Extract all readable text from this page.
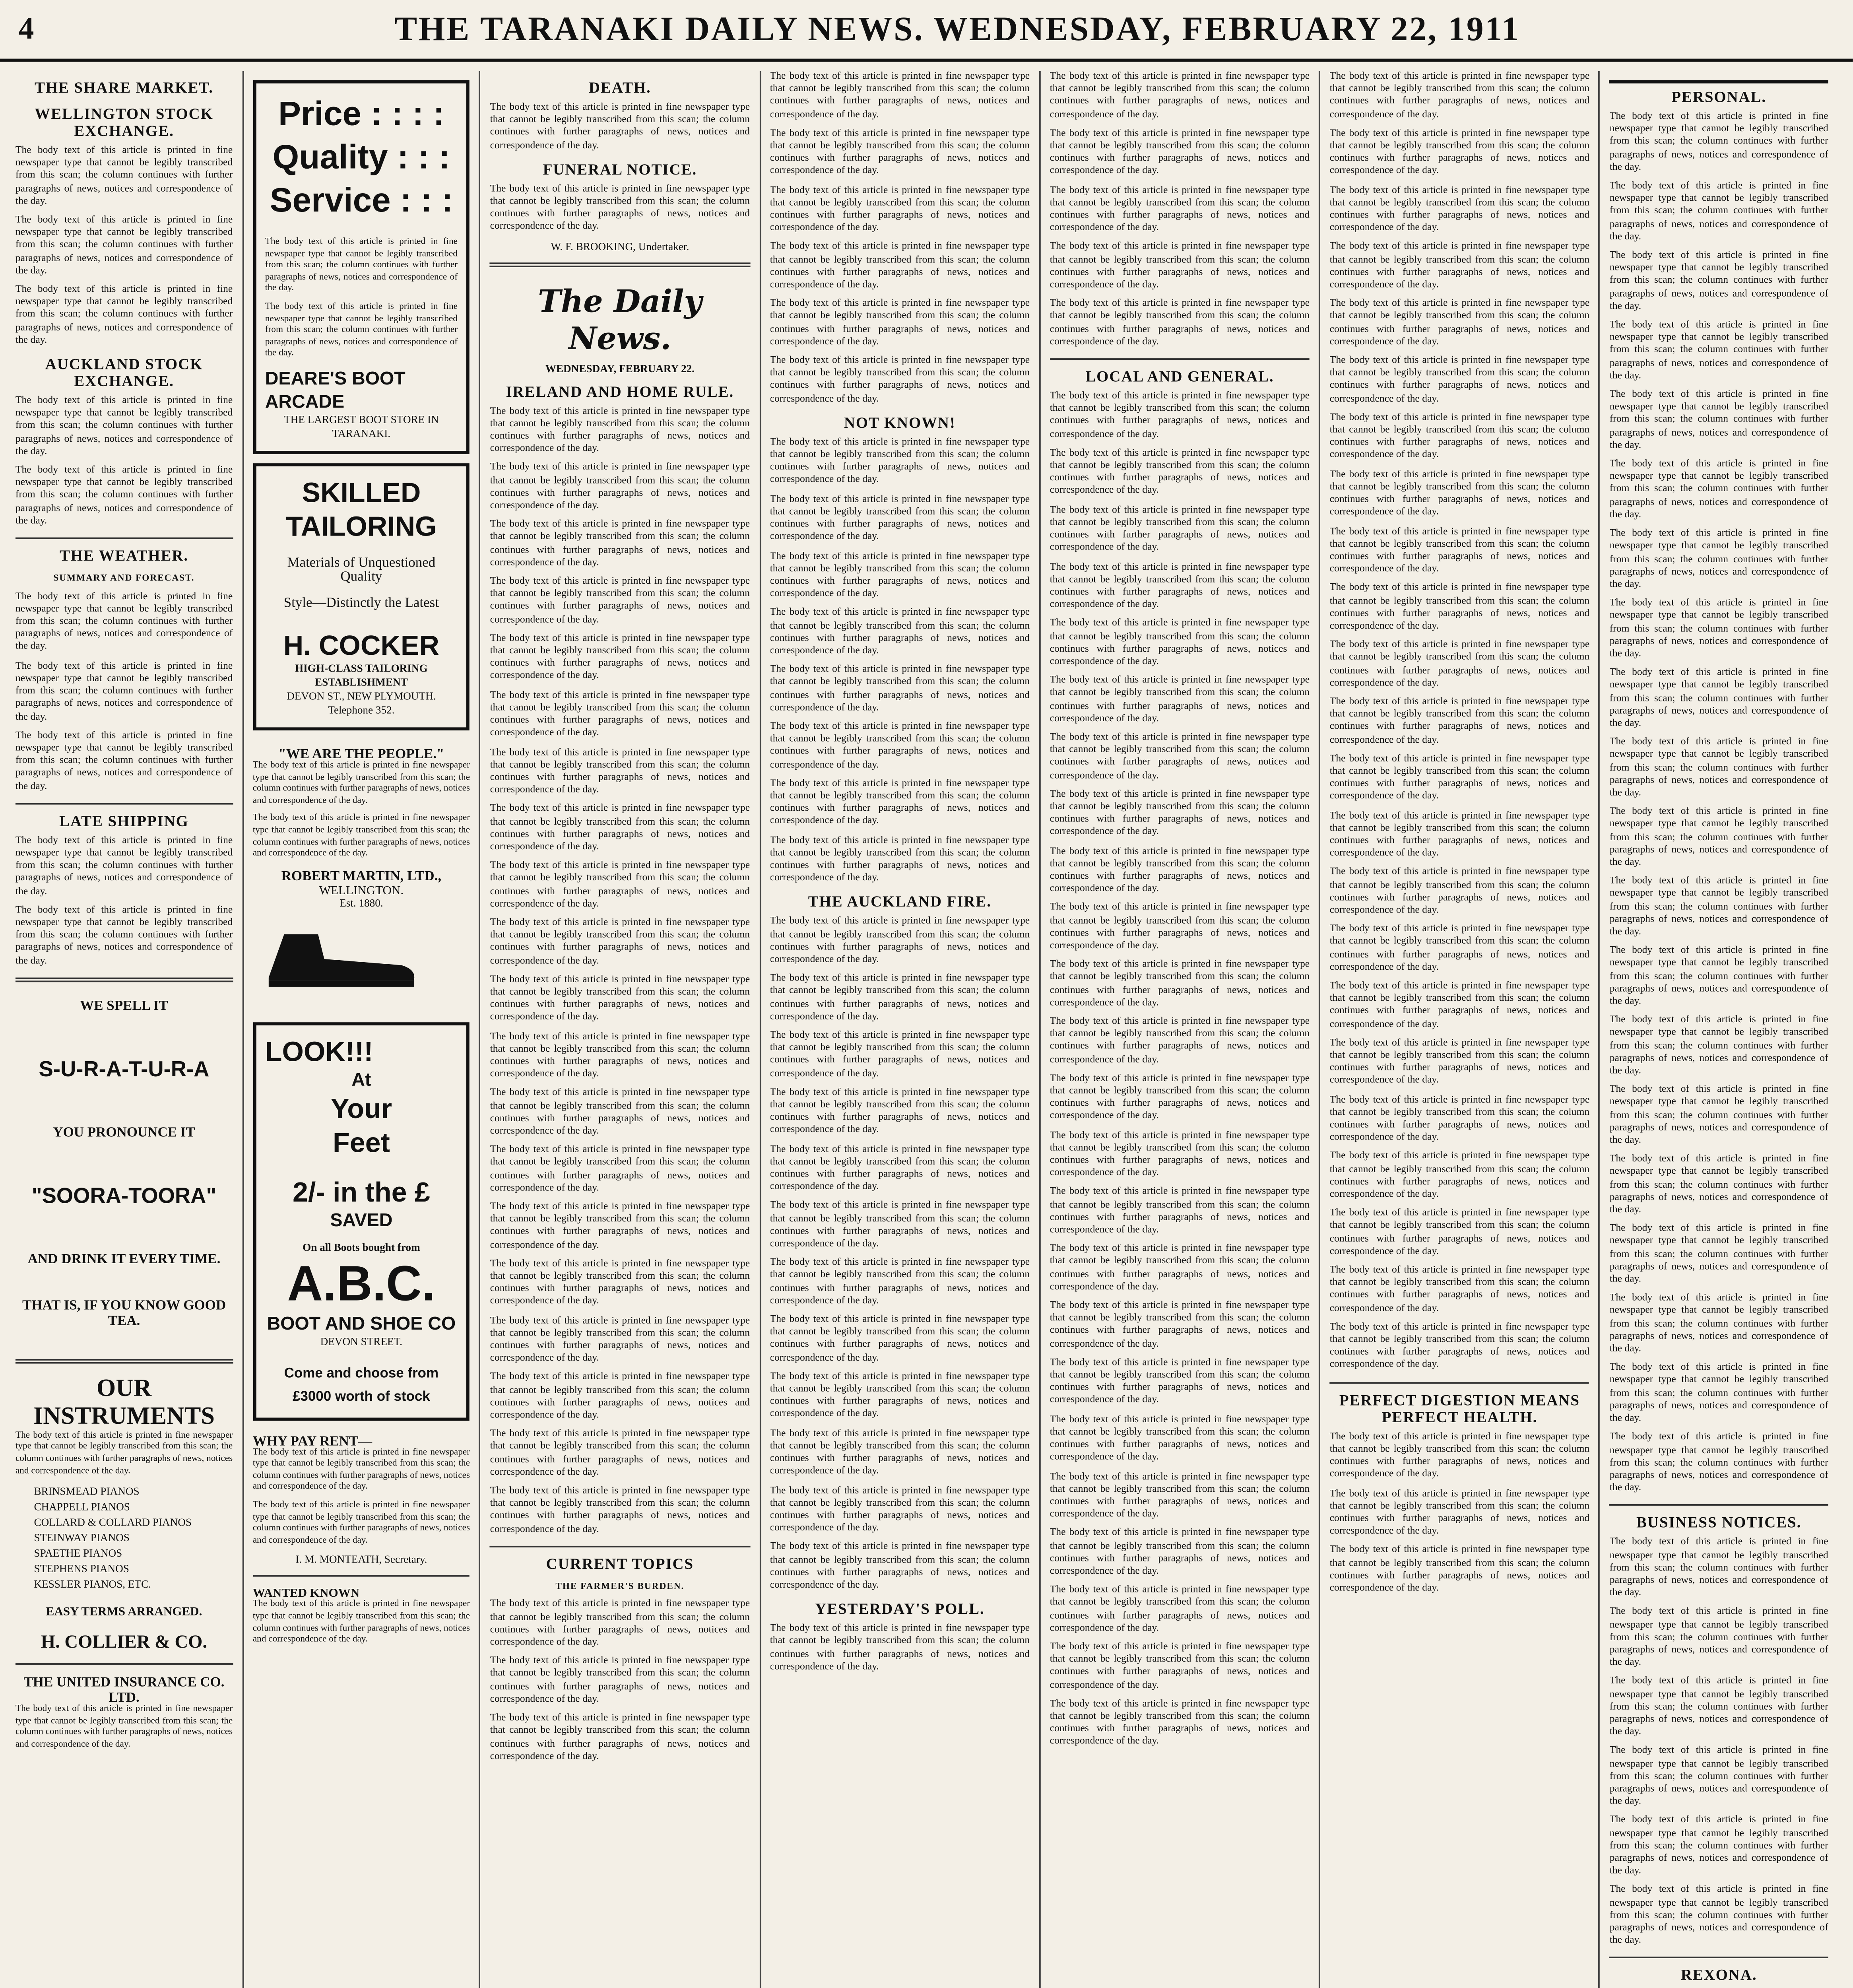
4	THE TARANAKI DAILY NEWS. WEDNESDAY, FEBRUARY 22, 1911
THE SHARE MARKET.
WELLINGTON STOCK EXCHANGE.

The body text of this article is printed in fine newspaper type that cannot be legibly transcribed from this scan; the column continues with further paragraphs of news, notices and correspondence of the day.

The body text of this article is printed in fine newspaper type that cannot be legibly transcribed from this scan; the column continues with further paragraphs of news, notices and correspondence of the day.

The body text of this article is printed in fine newspaper type that cannot be legibly transcribed from this scan; the column continues with further paragraphs of news, notices and correspondence of the day.

AUCKLAND STOCK EXCHANGE.

The body text of this article is printed in fine newspaper type that cannot be legibly transcribed from this scan; the column continues with further paragraphs of news, notices and correspondence of the day.

The body text of this article is printed in fine newspaper type that cannot be legibly transcribed from this scan; the column continues with further paragraphs of news, notices and correspondence of the day.

THE WEATHER.
SUMMARY AND FORECAST.

The body text of this article is printed in fine newspaper type that cannot be legibly transcribed from this scan; the column continues with further paragraphs of news, notices and correspondence of the day.

The body text of this article is printed in fine newspaper type that cannot be legibly transcribed from this scan; the column continues with further paragraphs of news, notices and correspondence of the day.

The body text of this article is printed in fine newspaper type that cannot be legibly transcribed from this scan; the column continues with further paragraphs of news, notices and correspondence of the day.

LATE SHIPPING

The body text of this article is printed in fine newspaper type that cannot be legibly transcribed from this scan; the column continues with further paragraphs of news, notices and correspondence of the day.

The body text of this article is printed in fine newspaper type that cannot be legibly transcribed from this scan; the column continues with further paragraphs of news, notices and correspondence of the day.

WE SPELL IT
S-U-R-A-T-U-R-A
YOU PRONOUNCE IT
"SOORA-TOORA"
AND DRINK IT EVERY TIME.
THAT IS, IF YOU KNOW GOOD TEA.
OUR INSTRUMENTS

The body text of this article is printed in fine newspaper type that cannot be legibly transcribed from this scan; the column continues with further paragraphs of news, notices and correspondence of the day.

BRINSMEAD PIANOS
CHAPPELL PIANOS
COLLARD & COLLARD PIANOS
STEINWAY PIANOS
SPAETHE PIANOS
STEPHENS PIANOS
KESSLER PIANOS, ETC.
EASY TERMS ARRANGED.
H. COLLIER & CO.
THE UNITED INSURANCE CO. LTD.

The body text of this article is printed in fine newspaper type that cannot be legibly transcribed from this scan; the column continues with further paragraphs of news, notices and correspondence of the day.

Price : : : :
Quality : : :
Service : : :

The body text of this article is printed in fine newspaper type that cannot be legibly transcribed from this scan; the column continues with further paragraphs of news, notices and correspondence of the day.

The body text of this article is printed in fine newspaper type that cannot be legibly transcribed from this scan; the column continues with further paragraphs of news, notices and correspondence of the day.

DEARE'S BOOT ARCADE
THE LARGEST BOOT STORE IN TARANAKI.
SKILLED TAILORING
Materials of Unquestioned Quality
Style—Distinctly the Latest
H. COCKER
HIGH-CLASS TAILORING ESTABLISHMENT
DEVON ST., NEW PLYMOUTH.
Telephone 352.
"WE ARE THE PEOPLE."

The body text of this article is printed in fine newspaper type that cannot be legibly transcribed from this scan; the column continues with further paragraphs of news, notices and correspondence of the day.

The body text of this article is printed in fine newspaper type that cannot be legibly transcribed from this scan; the column continues with further paragraphs of news, notices and correspondence of the day.

ROBERT MARTIN, LTD.,
WELLINGTON.
Est. 1880.
LOOK!!!
At
Your
Feet
2/- in the £
SAVED
On all Boots bought from
A.B.C.
BOOT AND SHOE CO
DEVON STREET.
Come and choose from £3000 worth of stock
WHY PAY RENT—

The body text of this article is printed in fine newspaper type that cannot be legibly transcribed from this scan; the column continues with further paragraphs of news, notices and correspondence of the day.

The body text of this article is printed in fine newspaper type that cannot be legibly transcribed from this scan; the column continues with further paragraphs of news, notices and correspondence of the day.

I. M. MONTEATH, Secretary.
WANTED KNOWN

The body text of this article is printed in fine newspaper type that cannot be legibly transcribed from this scan; the column continues with further paragraphs of news, notices and correspondence of the day.

DEATH.

The body text of this article is printed in fine newspaper type that cannot be legibly transcribed from this scan; the column continues with further paragraphs of news, notices and correspondence of the day.

FUNERAL NOTICE.

The body text of this article is printed in fine newspaper type that cannot be legibly transcribed from this scan; the column continues with further paragraphs of news, notices and correspondence of the day.

W. F. BROOKING, Undertaker.
The Daily News.
WEDNESDAY, FEBRUARY 22.
IRELAND AND HOME RULE.

The body text of this article is printed in fine newspaper type that cannot be legibly transcribed from this scan; the column continues with further paragraphs of news, notices and correspondence of the day.

The body text of this article is printed in fine newspaper type that cannot be legibly transcribed from this scan; the column continues with further paragraphs of news, notices and correspondence of the day.

The body text of this article is printed in fine newspaper type that cannot be legibly transcribed from this scan; the column continues with further paragraphs of news, notices and correspondence of the day.

The body text of this article is printed in fine newspaper type that cannot be legibly transcribed from this scan; the column continues with further paragraphs of news, notices and correspondence of the day.

The body text of this article is printed in fine newspaper type that cannot be legibly transcribed from this scan; the column continues with further paragraphs of news, notices and correspondence of the day.

The body text of this article is printed in fine newspaper type that cannot be legibly transcribed from this scan; the column continues with further paragraphs of news, notices and correspondence of the day.

The body text of this article is printed in fine newspaper type that cannot be legibly transcribed from this scan; the column continues with further paragraphs of news, notices and correspondence of the day.

The body text of this article is printed in fine newspaper type that cannot be legibly transcribed from this scan; the column continues with further paragraphs of news, notices and correspondence of the day.

The body text of this article is printed in fine newspaper type that cannot be legibly transcribed from this scan; the column continues with further paragraphs of news, notices and correspondence of the day.

The body text of this article is printed in fine newspaper type that cannot be legibly transcribed from this scan; the column continues with further paragraphs of news, notices and correspondence of the day.

The body text of this article is printed in fine newspaper type that cannot be legibly transcribed from this scan; the column continues with further paragraphs of news, notices and correspondence of the day.

The body text of this article is printed in fine newspaper type that cannot be legibly transcribed from this scan; the column continues with further paragraphs of news, notices and correspondence of the day.

The body text of this article is printed in fine newspaper type that cannot be legibly transcribed from this scan; the column continues with further paragraphs of news, notices and correspondence of the day.

The body text of this article is printed in fine newspaper type that cannot be legibly transcribed from this scan; the column continues with further paragraphs of news, notices and correspondence of the day.

The body text of this article is printed in fine newspaper type that cannot be legibly transcribed from this scan; the column continues with further paragraphs of news, notices and correspondence of the day.

The body text of this article is printed in fine newspaper type that cannot be legibly transcribed from this scan; the column continues with further paragraphs of news, notices and correspondence of the day.

The body text of this article is printed in fine newspaper type that cannot be legibly transcribed from this scan; the column continues with further paragraphs of news, notices and correspondence of the day.

The body text of this article is printed in fine newspaper type that cannot be legibly transcribed from this scan; the column continues with further paragraphs of news, notices and correspondence of the day.

The body text of this article is printed in fine newspaper type that cannot be legibly transcribed from this scan; the column continues with further paragraphs of news, notices and correspondence of the day.

The body text of this article is printed in fine newspaper type that cannot be legibly transcribed from this scan; the column continues with further paragraphs of news, notices and correspondence of the day.

CURRENT TOPICS
THE FARMER'S BURDEN.

The body text of this article is printed in fine newspaper type that cannot be legibly transcribed from this scan; the column continues with further paragraphs of news, notices and correspondence of the day.

The body text of this article is printed in fine newspaper type that cannot be legibly transcribed from this scan; the column continues with further paragraphs of news, notices and correspondence of the day.

The body text of this article is printed in fine newspaper type that cannot be legibly transcribed from this scan; the column continues with further paragraphs of news, notices and correspondence of the day.

The body text of this article is printed in fine newspaper type that cannot be legibly transcribed from this scan; the column continues with further paragraphs of news, notices and correspondence of the day.

The body text of this article is printed in fine newspaper type that cannot be legibly transcribed from this scan; the column continues with further paragraphs of news, notices and correspondence of the day.

The body text of this article is printed in fine newspaper type that cannot be legibly transcribed from this scan; the column continues with further paragraphs of news, notices and correspondence of the day.

The body text of this article is printed in fine newspaper type that cannot be legibly transcribed from this scan; the column continues with further paragraphs of news, notices and correspondence of the day.

The body text of this article is printed in fine newspaper type that cannot be legibly transcribed from this scan; the column continues with further paragraphs of news, notices and correspondence of the day.

The body text of this article is printed in fine newspaper type that cannot be legibly transcribed from this scan; the column continues with further paragraphs of news, notices and correspondence of the day.

NOT KNOWN!

The body text of this article is printed in fine newspaper type that cannot be legibly transcribed from this scan; the column continues with further paragraphs of news, notices and correspondence of the day.

The body text of this article is printed in fine newspaper type that cannot be legibly transcribed from this scan; the column continues with further paragraphs of news, notices and correspondence of the day.

The body text of this article is printed in fine newspaper type that cannot be legibly transcribed from this scan; the column continues with further paragraphs of news, notices and correspondence of the day.

The body text of this article is printed in fine newspaper type that cannot be legibly transcribed from this scan; the column continues with further paragraphs of news, notices and correspondence of the day.

The body text of this article is printed in fine newspaper type that cannot be legibly transcribed from this scan; the column continues with further paragraphs of news, notices and correspondence of the day.

The body text of this article is printed in fine newspaper type that cannot be legibly transcribed from this scan; the column continues with further paragraphs of news, notices and correspondence of the day.

The body text of this article is printed in fine newspaper type that cannot be legibly transcribed from this scan; the column continues with further paragraphs of news, notices and correspondence of the day.

The body text of this article is printed in fine newspaper type that cannot be legibly transcribed from this scan; the column continues with further paragraphs of news, notices and correspondence of the day.

THE AUCKLAND FIRE.

The body text of this article is printed in fine newspaper type that cannot be legibly transcribed from this scan; the column continues with further paragraphs of news, notices and correspondence of the day.

The body text of this article is printed in fine newspaper type that cannot be legibly transcribed from this scan; the column continues with further paragraphs of news, notices and correspondence of the day.

The body text of this article is printed in fine newspaper type that cannot be legibly transcribed from this scan; the column continues with further paragraphs of news, notices and correspondence of the day.

The body text of this article is printed in fine newspaper type that cannot be legibly transcribed from this scan; the column continues with further paragraphs of news, notices and correspondence of the day.

The body text of this article is printed in fine newspaper type that cannot be legibly transcribed from this scan; the column continues with further paragraphs of news, notices and correspondence of the day.

The body text of this article is printed in fine newspaper type that cannot be legibly transcribed from this scan; the column continues with further paragraphs of news, notices and correspondence of the day.

The body text of this article is printed in fine newspaper type that cannot be legibly transcribed from this scan; the column continues with further paragraphs of news, notices and correspondence of the day.

The body text of this article is printed in fine newspaper type that cannot be legibly transcribed from this scan; the column continues with further paragraphs of news, notices and correspondence of the day.

The body text of this article is printed in fine newspaper type that cannot be legibly transcribed from this scan; the column continues with further paragraphs of news, notices and correspondence of the day.

The body text of this article is printed in fine newspaper type that cannot be legibly transcribed from this scan; the column continues with further paragraphs of news, notices and correspondence of the day.

The body text of this article is printed in fine newspaper type that cannot be legibly transcribed from this scan; the column continues with further paragraphs of news, notices and correspondence of the day.

The body text of this article is printed in fine newspaper type that cannot be legibly transcribed from this scan; the column continues with further paragraphs of news, notices and correspondence of the day.

YESTERDAY'S POLL.

The body text of this article is printed in fine newspaper type that cannot be legibly transcribed from this scan; the column continues with further paragraphs of news, notices and correspondence of the day.

The body text of this article is printed in fine newspaper type that cannot be legibly transcribed from this scan; the column continues with further paragraphs of news, notices and correspondence of the day.

The body text of this article is printed in fine newspaper type that cannot be legibly transcribed from this scan; the column continues with further paragraphs of news, notices and correspondence of the day.

The body text of this article is printed in fine newspaper type that cannot be legibly transcribed from this scan; the column continues with further paragraphs of news, notices and correspondence of the day.

The body text of this article is printed in fine newspaper type that cannot be legibly transcribed from this scan; the column continues with further paragraphs of news, notices and correspondence of the day.

The body text of this article is printed in fine newspaper type that cannot be legibly transcribed from this scan; the column continues with further paragraphs of news, notices and correspondence of the day.

LOCAL AND GENERAL.

The body text of this article is printed in fine newspaper type that cannot be legibly transcribed from this scan; the column continues with further paragraphs of news, notices and correspondence of the day.

The body text of this article is printed in fine newspaper type that cannot be legibly transcribed from this scan; the column continues with further paragraphs of news, notices and correspondence of the day.

The body text of this article is printed in fine newspaper type that cannot be legibly transcribed from this scan; the column continues with further paragraphs of news, notices and correspondence of the day.

The body text of this article is printed in fine newspaper type that cannot be legibly transcribed from this scan; the column continues with further paragraphs of news, notices and correspondence of the day.

The body text of this article is printed in fine newspaper type that cannot be legibly transcribed from this scan; the column continues with further paragraphs of news, notices and correspondence of the day.

The body text of this article is printed in fine newspaper type that cannot be legibly transcribed from this scan; the column continues with further paragraphs of news, notices and correspondence of the day.

The body text of this article is printed in fine newspaper type that cannot be legibly transcribed from this scan; the column continues with further paragraphs of news, notices and correspondence of the day.

The body text of this article is printed in fine newspaper type that cannot be legibly transcribed from this scan; the column continues with further paragraphs of news, notices and correspondence of the day.

The body text of this article is printed in fine newspaper type that cannot be legibly transcribed from this scan; the column continues with further paragraphs of news, notices and correspondence of the day.

The body text of this article is printed in fine newspaper type that cannot be legibly transcribed from this scan; the column continues with further paragraphs of news, notices and correspondence of the day.

The body text of this article is printed in fine newspaper type that cannot be legibly transcribed from this scan; the column continues with further paragraphs of news, notices and correspondence of the day.

The body text of this article is printed in fine newspaper type that cannot be legibly transcribed from this scan; the column continues with further paragraphs of news, notices and correspondence of the day.

The body text of this article is printed in fine newspaper type that cannot be legibly transcribed from this scan; the column continues with further paragraphs of news, notices and correspondence of the day.

The body text of this article is printed in fine newspaper type that cannot be legibly transcribed from this scan; the column continues with further paragraphs of news, notices and correspondence of the day.

The body text of this article is printed in fine newspaper type that cannot be legibly transcribed from this scan; the column continues with further paragraphs of news, notices and correspondence of the day.

The body text of this article is printed in fine newspaper type that cannot be legibly transcribed from this scan; the column continues with further paragraphs of news, notices and correspondence of the day.

The body text of this article is printed in fine newspaper type that cannot be legibly transcribed from this scan; the column continues with further paragraphs of news, notices and correspondence of the day.

The body text of this article is printed in fine newspaper type that cannot be legibly transcribed from this scan; the column continues with further paragraphs of news, notices and correspondence of the day.

The body text of this article is printed in fine newspaper type that cannot be legibly transcribed from this scan; the column continues with further paragraphs of news, notices and correspondence of the day.

The body text of this article is printed in fine newspaper type that cannot be legibly transcribed from this scan; the column continues with further paragraphs of news, notices and correspondence of the day.

The body text of this article is printed in fine newspaper type that cannot be legibly transcribed from this scan; the column continues with further paragraphs of news, notices and correspondence of the day.

The body text of this article is printed in fine newspaper type that cannot be legibly transcribed from this scan; the column continues with further paragraphs of news, notices and correspondence of the day.

The body text of this article is printed in fine newspaper type that cannot be legibly transcribed from this scan; the column continues with further paragraphs of news, notices and correspondence of the day.

The body text of this article is printed in fine newspaper type that cannot be legibly transcribed from this scan; the column continues with further paragraphs of news, notices and correspondence of the day.

The body text of this article is printed in fine newspaper type that cannot be legibly transcribed from this scan; the column continues with further paragraphs of news, notices and correspondence of the day.

The body text of this article is printed in fine newspaper type that cannot be legibly transcribed from this scan; the column continues with further paragraphs of news, notices and correspondence of the day.

The body text of this article is printed in fine newspaper type that cannot be legibly transcribed from this scan; the column continues with further paragraphs of news, notices and correspondence of the day.

The body text of this article is printed in fine newspaper type that cannot be legibly transcribed from this scan; the column continues with further paragraphs of news, notices and correspondence of the day.

The body text of this article is printed in fine newspaper type that cannot be legibly transcribed from this scan; the column continues with further paragraphs of news, notices and correspondence of the day.

The body text of this article is printed in fine newspaper type that cannot be legibly transcribed from this scan; the column continues with further paragraphs of news, notices and correspondence of the day.

The body text of this article is printed in fine newspaper type that cannot be legibly transcribed from this scan; the column continues with further paragraphs of news, notices and correspondence of the day.

The body text of this article is printed in fine newspaper type that cannot be legibly transcribed from this scan; the column continues with further paragraphs of news, notices and correspondence of the day.

The body text of this article is printed in fine newspaper type that cannot be legibly transcribed from this scan; the column continues with further paragraphs of news, notices and correspondence of the day.

The body text of this article is printed in fine newspaper type that cannot be legibly transcribed from this scan; the column continues with further paragraphs of news, notices and correspondence of the day.

The body text of this article is printed in fine newspaper type that cannot be legibly transcribed from this scan; the column continues with further paragraphs of news, notices and correspondence of the day.

The body text of this article is printed in fine newspaper type that cannot be legibly transcribed from this scan; the column continues with further paragraphs of news, notices and correspondence of the day.

The body text of this article is printed in fine newspaper type that cannot be legibly transcribed from this scan; the column continues with further paragraphs of news, notices and correspondence of the day.

The body text of this article is printed in fine newspaper type that cannot be legibly transcribed from this scan; the column continues with further paragraphs of news, notices and correspondence of the day.

The body text of this article is printed in fine newspaper type that cannot be legibly transcribed from this scan; the column continues with further paragraphs of news, notices and correspondence of the day.

The body text of this article is printed in fine newspaper type that cannot be legibly transcribed from this scan; the column continues with further paragraphs of news, notices and correspondence of the day.

The body text of this article is printed in fine newspaper type that cannot be legibly transcribed from this scan; the column continues with further paragraphs of news, notices and correspondence of the day.

The body text of this article is printed in fine newspaper type that cannot be legibly transcribed from this scan; the column continues with further paragraphs of news, notices and correspondence of the day.

The body text of this article is printed in fine newspaper type that cannot be legibly transcribed from this scan; the column continues with further paragraphs of news, notices and correspondence of the day.

The body text of this article is printed in fine newspaper type that cannot be legibly transcribed from this scan; the column continues with further paragraphs of news, notices and correspondence of the day.

The body text of this article is printed in fine newspaper type that cannot be legibly transcribed from this scan; the column continues with further paragraphs of news, notices and correspondence of the day.

The body text of this article is printed in fine newspaper type that cannot be legibly transcribed from this scan; the column continues with further paragraphs of news, notices and correspondence of the day.

The body text of this article is printed in fine newspaper type that cannot be legibly transcribed from this scan; the column continues with further paragraphs of news, notices and correspondence of the day.

PERFECT DIGESTION MEANS PERFECT HEALTH.

The body text of this article is printed in fine newspaper type that cannot be legibly transcribed from this scan; the column continues with further paragraphs of news, notices and correspondence of the day.

The body text of this article is printed in fine newspaper type that cannot be legibly transcribed from this scan; the column continues with further paragraphs of news, notices and correspondence of the day.

The body text of this article is printed in fine newspaper type that cannot be legibly transcribed from this scan; the column continues with further paragraphs of news, notices and correspondence of the day.

PERSONAL.

The body text of this article is printed in fine newspaper type that cannot be legibly transcribed from this scan; the column continues with further paragraphs of news, notices and correspondence of the day.

The body text of this article is printed in fine newspaper type that cannot be legibly transcribed from this scan; the column continues with further paragraphs of news, notices and correspondence of the day.

The body text of this article is printed in fine newspaper type that cannot be legibly transcribed from this scan; the column continues with further paragraphs of news, notices and correspondence of the day.

The body text of this article is printed in fine newspaper type that cannot be legibly transcribed from this scan; the column continues with further paragraphs of news, notices and correspondence of the day.

The body text of this article is printed in fine newspaper type that cannot be legibly transcribed from this scan; the column continues with further paragraphs of news, notices and correspondence of the day.

The body text of this article is printed in fine newspaper type that cannot be legibly transcribed from this scan; the column continues with further paragraphs of news, notices and correspondence of the day.

The body text of this article is printed in fine newspaper type that cannot be legibly transcribed from this scan; the column continues with further paragraphs of news, notices and correspondence of the day.

The body text of this article is printed in fine newspaper type that cannot be legibly transcribed from this scan; the column continues with further paragraphs of news, notices and correspondence of the day.

The body text of this article is printed in fine newspaper type that cannot be legibly transcribed from this scan; the column continues with further paragraphs of news, notices and correspondence of the day.

The body text of this article is printed in fine newspaper type that cannot be legibly transcribed from this scan; the column continues with further paragraphs of news, notices and correspondence of the day.

The body text of this article is printed in fine newspaper type that cannot be legibly transcribed from this scan; the column continues with further paragraphs of news, notices and correspondence of the day.

The body text of this article is printed in fine newspaper type that cannot be legibly transcribed from this scan; the column continues with further paragraphs of news, notices and correspondence of the day.

The body text of this article is printed in fine newspaper type that cannot be legibly transcribed from this scan; the column continues with further paragraphs of news, notices and correspondence of the day.

The body text of this article is printed in fine newspaper type that cannot be legibly transcribed from this scan; the column continues with further paragraphs of news, notices and correspondence of the day.

The body text of this article is printed in fine newspaper type that cannot be legibly transcribed from this scan; the column continues with further paragraphs of news, notices and correspondence of the day.

The body text of this article is printed in fine newspaper type that cannot be legibly transcribed from this scan; the column continues with further paragraphs of news, notices and correspondence of the day.

The body text of this article is printed in fine newspaper type that cannot be legibly transcribed from this scan; the column continues with further paragraphs of news, notices and correspondence of the day.

The body text of this article is printed in fine newspaper type that cannot be legibly transcribed from this scan; the column continues with further paragraphs of news, notices and correspondence of the day.

The body text of this article is printed in fine newspaper type that cannot be legibly transcribed from this scan; the column continues with further paragraphs of news, notices and correspondence of the day.

The body text of this article is printed in fine newspaper type that cannot be legibly transcribed from this scan; the column continues with further paragraphs of news, notices and correspondence of the day.

BUSINESS NOTICES.

The body text of this article is printed in fine newspaper type that cannot be legibly transcribed from this scan; the column continues with further paragraphs of news, notices and correspondence of the day.

The body text of this article is printed in fine newspaper type that cannot be legibly transcribed from this scan; the column continues with further paragraphs of news, notices and correspondence of the day.

The body text of this article is printed in fine newspaper type that cannot be legibly transcribed from this scan; the column continues with further paragraphs of news, notices and correspondence of the day.

The body text of this article is printed in fine newspaper type that cannot be legibly transcribed from this scan; the column continues with further paragraphs of news, notices and correspondence of the day.

The body text of this article is printed in fine newspaper type that cannot be legibly transcribed from this scan; the column continues with further paragraphs of news, notices and correspondence of the day.

The body text of this article is printed in fine newspaper type that cannot be legibly transcribed from this scan; the column continues with further paragraphs of news, notices and correspondence of the day.

REXONA.
